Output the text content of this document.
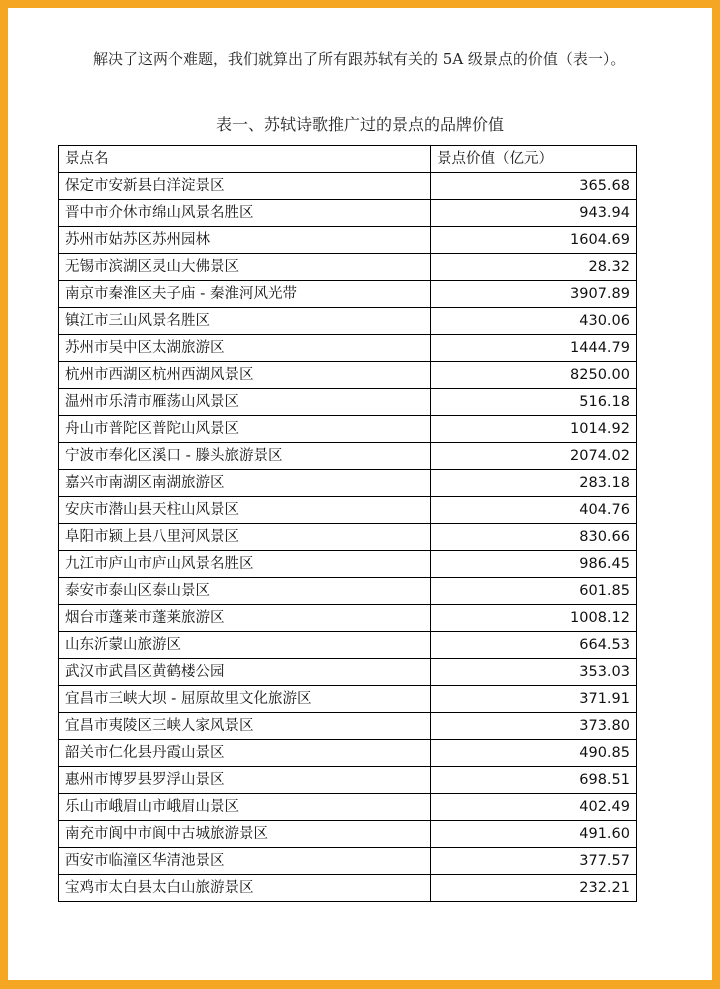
解决了这两个难题，我们就算出了所有跟苏轼有关的 5A 级景点的价值（表一）。

表一、苏轼诗歌推广过的景点的品牌价值

景点名	景点价值（亿元）
保定市安新县白洋淀景区	365.68
晋中市介休市绵山风景名胜区	943.94
苏州市姑苏区苏州园林	1604.69
无锡市滨湖区灵山大佛景区	28.32
南京市秦淮区夫子庙 - 秦淮河风光带	3907.89
镇江市三山风景名胜区	430.06
苏州市吴中区太湖旅游区	1444.79
杭州市西湖区杭州西湖风景区	8250.00
温州市乐清市雁荡山风景区	516.18
舟山市普陀区普陀山风景区	1014.92
宁波市奉化区溪口 - 滕头旅游景区	2074.02
嘉兴市南湖区南湖旅游区	283.18
安庆市潜山县天柱山风景区	404.76
阜阳市颍上县八里河风景区	830.66
九江市庐山市庐山风景名胜区	986.45
泰安市泰山区泰山景区	601.85
烟台市蓬莱市蓬莱旅游区	1008.12
山东沂蒙山旅游区	664.53
武汉市武昌区黄鹤楼公园	353.03
宜昌市三峡大坝 - 屈原故里文化旅游区	371.91
宜昌市夷陵区三峡人家风景区	373.80
韶关市仁化县丹霞山景区	490.85
惠州市博罗县罗浮山景区	698.51
乐山市峨眉山市峨眉山景区	402.49
南充市阆中市阆中古城旅游景区	491.60
西安市临潼区华清池景区	377.57
宝鸡市太白县太白山旅游景区	232.21
